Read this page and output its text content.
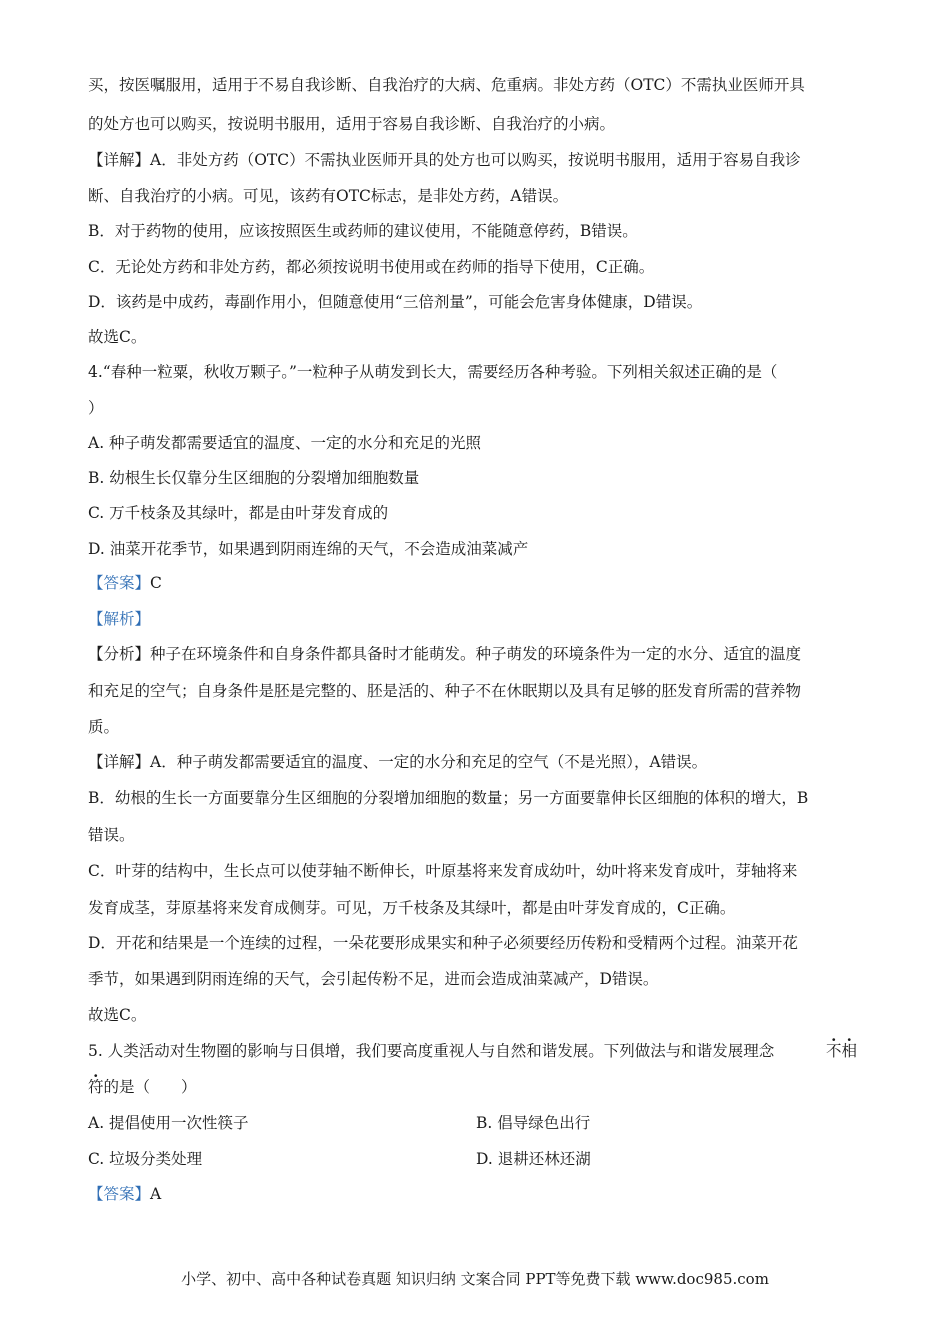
买，按医嘱服用，适用于不易自我诊断、自我治疗的大病、危重病。非处方药（OTC）不需执业医师开具
的处方也可以购买，按说明书服用，适用于容易自我诊断、自我治疗的小病。
【详解】A．非处方药（OTC）不需执业医师开具的处方也可以购买，按说明书服用，适用于容易自我诊
断、自我治疗的小病。可见，该药有OTC标志，是非处方药，A错误。
B．对于药物的使用，应该按照医生或药师的建议使用，不能随意停药，B错误。
C．无论处方药和非处方药，都必须按说明书使用或在药师的指导下使用，C正确。
D．该药是中成药，毒副作用小，但随意使用“三倍剂量”，可能会危害身体健康，D错误。
故选C。
4.“春种一粒粟，秋收万颗子。”一粒种子从萌发到长大，需要经历各种考验。下列相关叙述正确的是（
）
A. 种子萌发都需要适宜的温度、一定的水分和充足的光照
B. 幼根生长仅靠分生区细胞的分裂增加细胞数量
C. 万千枝条及其绿叶，都是由叶芽发育成的
D. 油菜开花季节，如果遇到阴雨连绵的天气，不会造成油菜减产
【答案】C
【解析】
【分析】种子在环境条件和自身条件都具备时才能萌发。种子萌发的环境条件为一定的水分、适宜的温度
和充足的空气；自身条件是胚是完整的、胚是活的、种子不在休眠期以及具有足够的胚发育所需的营养物
质。
【详解】A．种子萌发都需要适宜的温度、一定的水分和充足的空气（不是光照），A错误。
B．幼根的生长一方面要靠分生区细胞的分裂增加细胞的数量；另一方面要靠伸长区细胞的体积的增大，B
错误。
C．叶芽的结构中，生长点可以使芽轴不断伸长，叶原基将来发育成幼叶，幼叶将来发育成叶，芽轴将来
发育成茎，芽原基将来发育成侧芽。可见，万千枝条及其绿叶，都是由叶芽发育成的，C正确。
D．开花和结果是一个连续的过程，一朵花要形成果实和种子必须要经历传粉和受精两个过程。油菜开花
季节，如果遇到阴雨连绵的天气，会引起传粉不足，进而会造成油菜减产，D错误。
故选C。
5. 人类活动对生物圈的影响与日俱增，我们要高度重视人与自然和谐发展。下列做法与和谐发展理念	不相
符的是（　　）
A. 提倡使用一次性筷子	B. 倡导绿色出行
C. 垃圾分类处理	D. 退耕还林还湖
【答案】A
小学、初中、高中各种试卷真题 知识归纳 文案合同 PPT等免费下载 www.doc985.com
